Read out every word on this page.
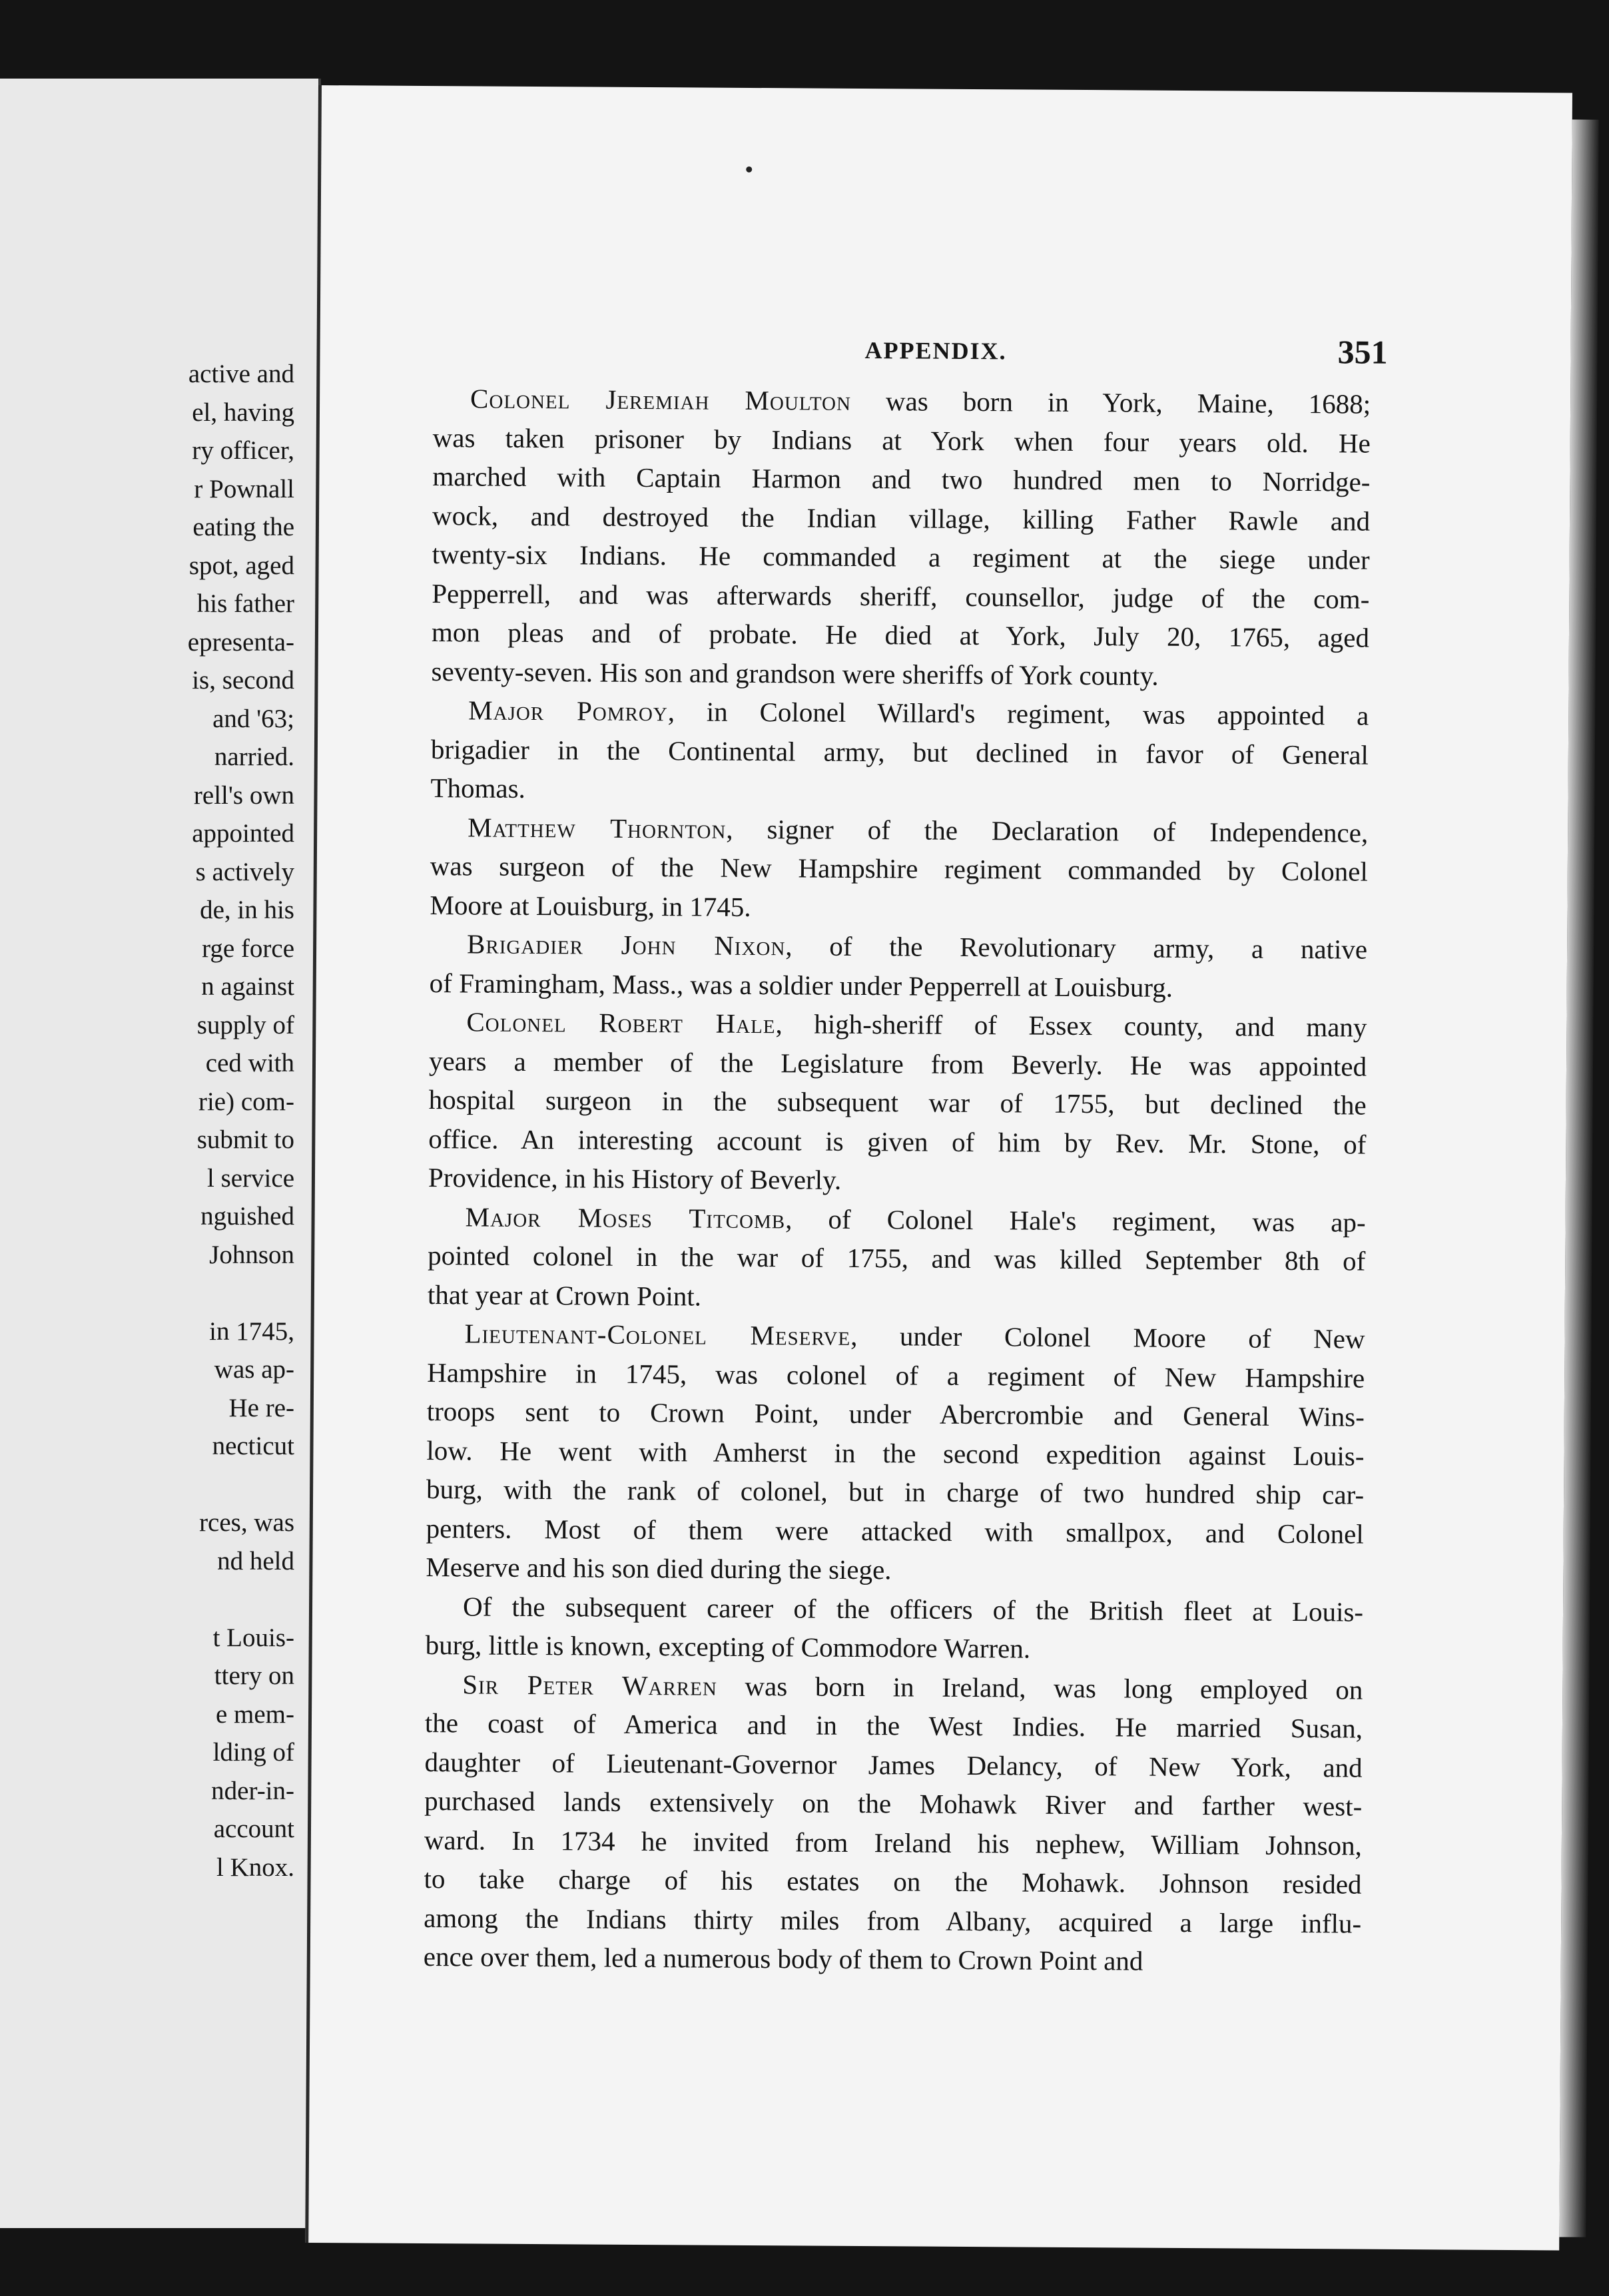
active and
el, having
ry officer,
r Pownall
eating the
spot, aged
his father
epresenta-
is, second
and '63;
narried.
rell's own
appointed
s actively
de, in his
rge force
n against
supply of
ced with
rie) com-
submit to
l service
nguished
Johnson
in 1745,
was ap-
He re-
necticut
rces, was
nd held
t Louis-
ttery on
e mem-
lding of
nder-in-
account
l Knox.
APPENDIX.	351
Colonel Jeremiah Moulton was born in York, Maine, 1688;
was taken prisoner by Indians at York when four years old. He
marched with Captain Harmon and two hundred men to Norridge-
wock, and destroyed the Indian village, killing Father Rawle and
twenty-six Indians. He commanded a regiment at the siege under
Pepperrell, and was afterwards sheriff, counsellor, judge of the com-
mon pleas and of probate. He died at York, July 20, 1765, aged
seventy-seven. His son and grandson were sheriffs of York county.
Major Pomroy, in Colonel Willard's regiment, was appointed a
brigadier in the Continental army, but declined in favor of General
Thomas.
Matthew Thornton, signer of the Declaration of Independence,
was surgeon of the New Hampshire regiment commanded by Colonel
Moore at Louisburg, in 1745.
Brigadier John Nixon, of the Revolutionary army, a native
of Framingham, Mass., was a soldier under Pepperrell at Louisburg.
Colonel Robert Hale, high-sheriff of Essex county, and many
years a member of the Legislature from Beverly. He was appointed
hospital surgeon in the subsequent war of 1755, but declined the
office. An interesting account is given of him by Rev. Mr. Stone, of
Providence, in his History of Beverly.
Major Moses Titcomb, of Colonel Hale's regiment, was ap-
pointed colonel in the war of 1755, and was killed September 8th of
that year at Crown Point.
Lieutenant-Colonel Meserve, under Colonel Moore of New
Hampshire in 1745, was colonel of a regiment of New Hampshire
troops sent to Crown Point, under Abercrombie and General Wins-
low. He went with Amherst in the second expedition against Louis-
burg, with the rank of colonel, but in charge of two hundred ship car-
penters. Most of them were attacked with smallpox, and Colonel
Meserve and his son died during the siege.
Of the subsequent career of the officers of the British fleet at Louis-
burg, little is known, excepting of Commodore Warren.
Sir Peter Warren was born in Ireland, was long employed on
the coast of America and in the West Indies. He married Susan,
daughter of Lieutenant-Governor James Delancy, of New York, and
purchased lands extensively on the Mohawk River and farther west-
ward. In 1734 he invited from Ireland his nephew, William Johnson,
to take charge of his estates on the Mohawk. Johnson resided
among the Indians thirty miles from Albany, acquired a large influ-
ence over them, led a numerous body of them to Crown Point and
